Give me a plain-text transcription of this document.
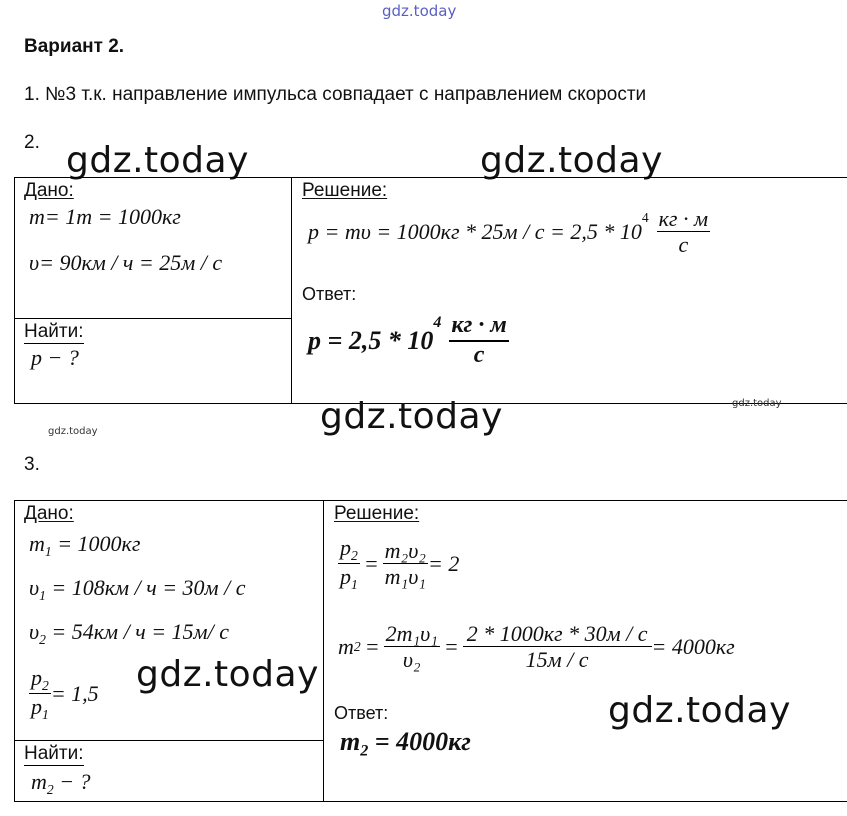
gdz.today
Вариант 2.
1. №3 т.к. направление импульса совпадает с направлением скорости
2. gdz.today	gdz.today
Дано:
m= 1т = 1000кг
υ= 90км / ч = 25м / с
Найти:
p − ?
Решение:
p = mυ = 1000кг * 25м / с = 2,5 * 10
$^4 \frac{кг \cdot м}{с}$
Ответ:
p = 2,5 * 10
$^4 \frac{кг \cdot м}{с}$
gdz.today
gdz.today
gdz.today
3.
Дано:
$m_1 = 1000кг$
$\upsilon_1 = 108км / ч = 30м / с$
$\upsilon_2 = 54км / ч = 15м/$ с
$\frac{p_2}{p_1} = 1,5$
Найти:
$m_2$ − ?
Решение:
$\frac{p_2}{p_1} = \frac{\text{m₂υ₂}}{\text{m₁υ₁}} = 2$
m $2 = \frac{\text{2m₁υ₁}}{\text{υ₂}} = \frac{2 * 1000кг * 30м / с}{15м / с} = 4000кг$
Ответ:
$m_2 = 4000кг$
gdz.today
gdz.today
